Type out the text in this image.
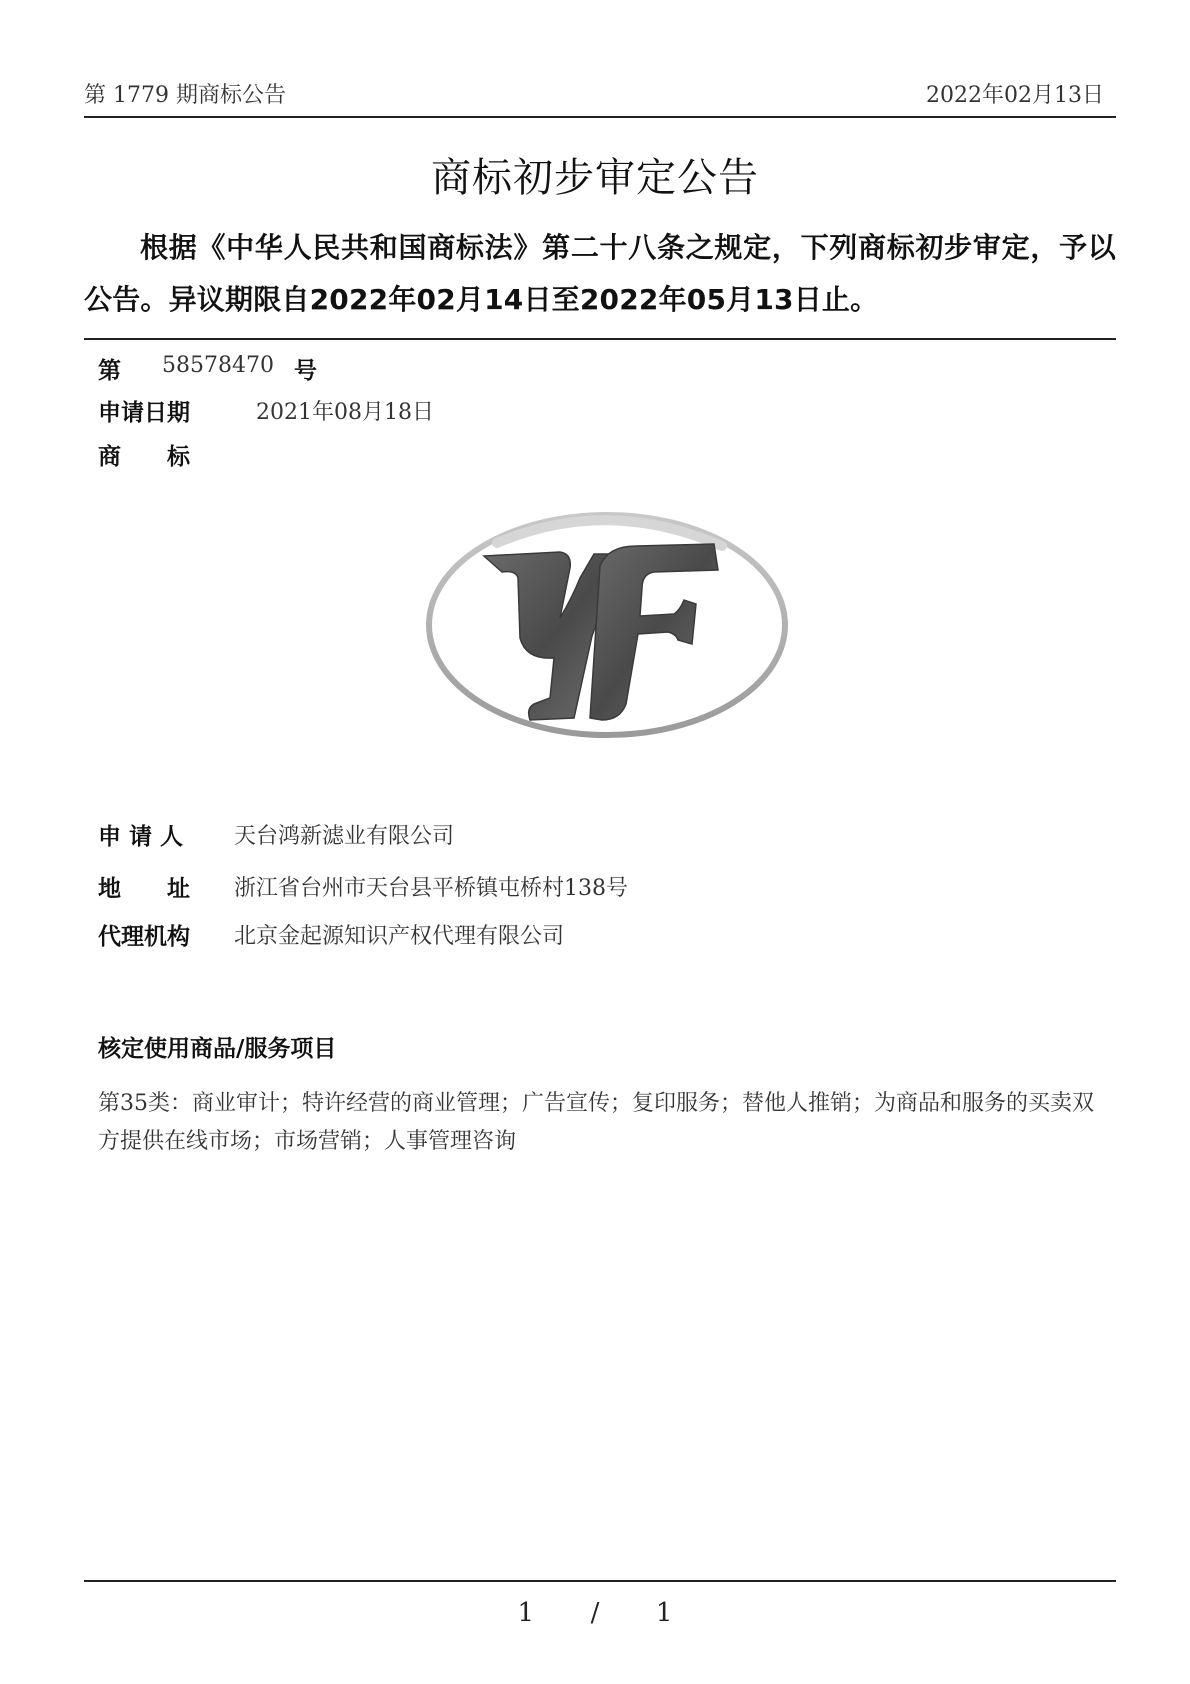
第 1779 期商标公告	2022年02月13日
商标初步审定公告
根据《中华人民共和国商标法》第二十八条之规定，下列商标初步审定，予以公告。异议期限自2022年02月14日至2022年05月13日止。
第 58578470 号
申请日期	2021年08月18日
商　　标
申 请 人 天台鸿新滤业有限公司
地　　址 浙江省台州市天台县平桥镇屯桥村138号
代理机构 北京金起源知识产权代理有限公司
核定使用商品/服务项目
第35类：商业审计；特许经营的商业管理；广告宣传；复印服务；替他人推销；为商品和服务的买卖双方提供在线市场；市场营销；人事管理咨询
1 / 1
